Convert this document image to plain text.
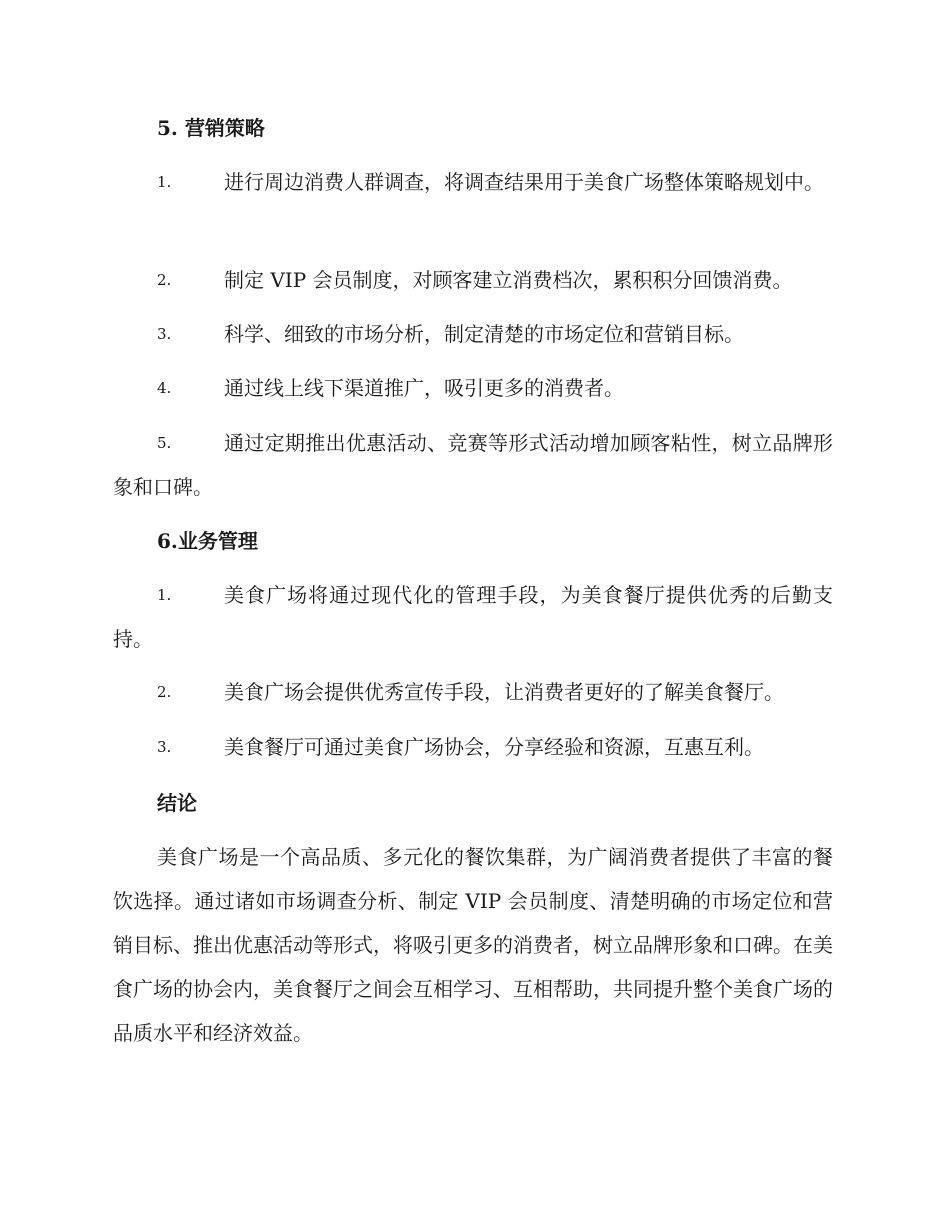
5. 营销策略
1.	进行周边消费人群调查，将调查结果用于美食广场整体策略规划中。
2.	制定 VIP 会员制度，对顾客建立消费档次，累积积分回馈消费。
3.	科学、细致的市场分析，制定清楚的市场定位和营销目标。
4.	通过线上线下渠道推广，吸引更多的消费者。
5.	通过定期推出优惠活动、竞赛等形式活动增加顾客粘性，树立品牌形象和口碑。
6.业务管理
1.	美食广场将通过现代化的管理手段，为美食餐厅提供优秀的后勤支持。
2.	美食广场会提供优秀宣传手段，让消费者更好的了解美食餐厅。
3.	美食餐厅可通过美食广场协会，分享经验和资源，互惠互利。
结论
美食广场是一个高品质、多元化的餐饮集群，为广阔消费者提供了丰富的餐饮选择。通过诸如市场调查分析、制定 VIP 会员制度、清楚明确的市场定位和营销目标、推出优惠活动等形式，将吸引更多的消费者，树立品牌形象和口碑。在美食广场的协会内，美食餐厅之间会互相学习、互相帮助，共同提升整个美食广场的品质水平和经济效益。
